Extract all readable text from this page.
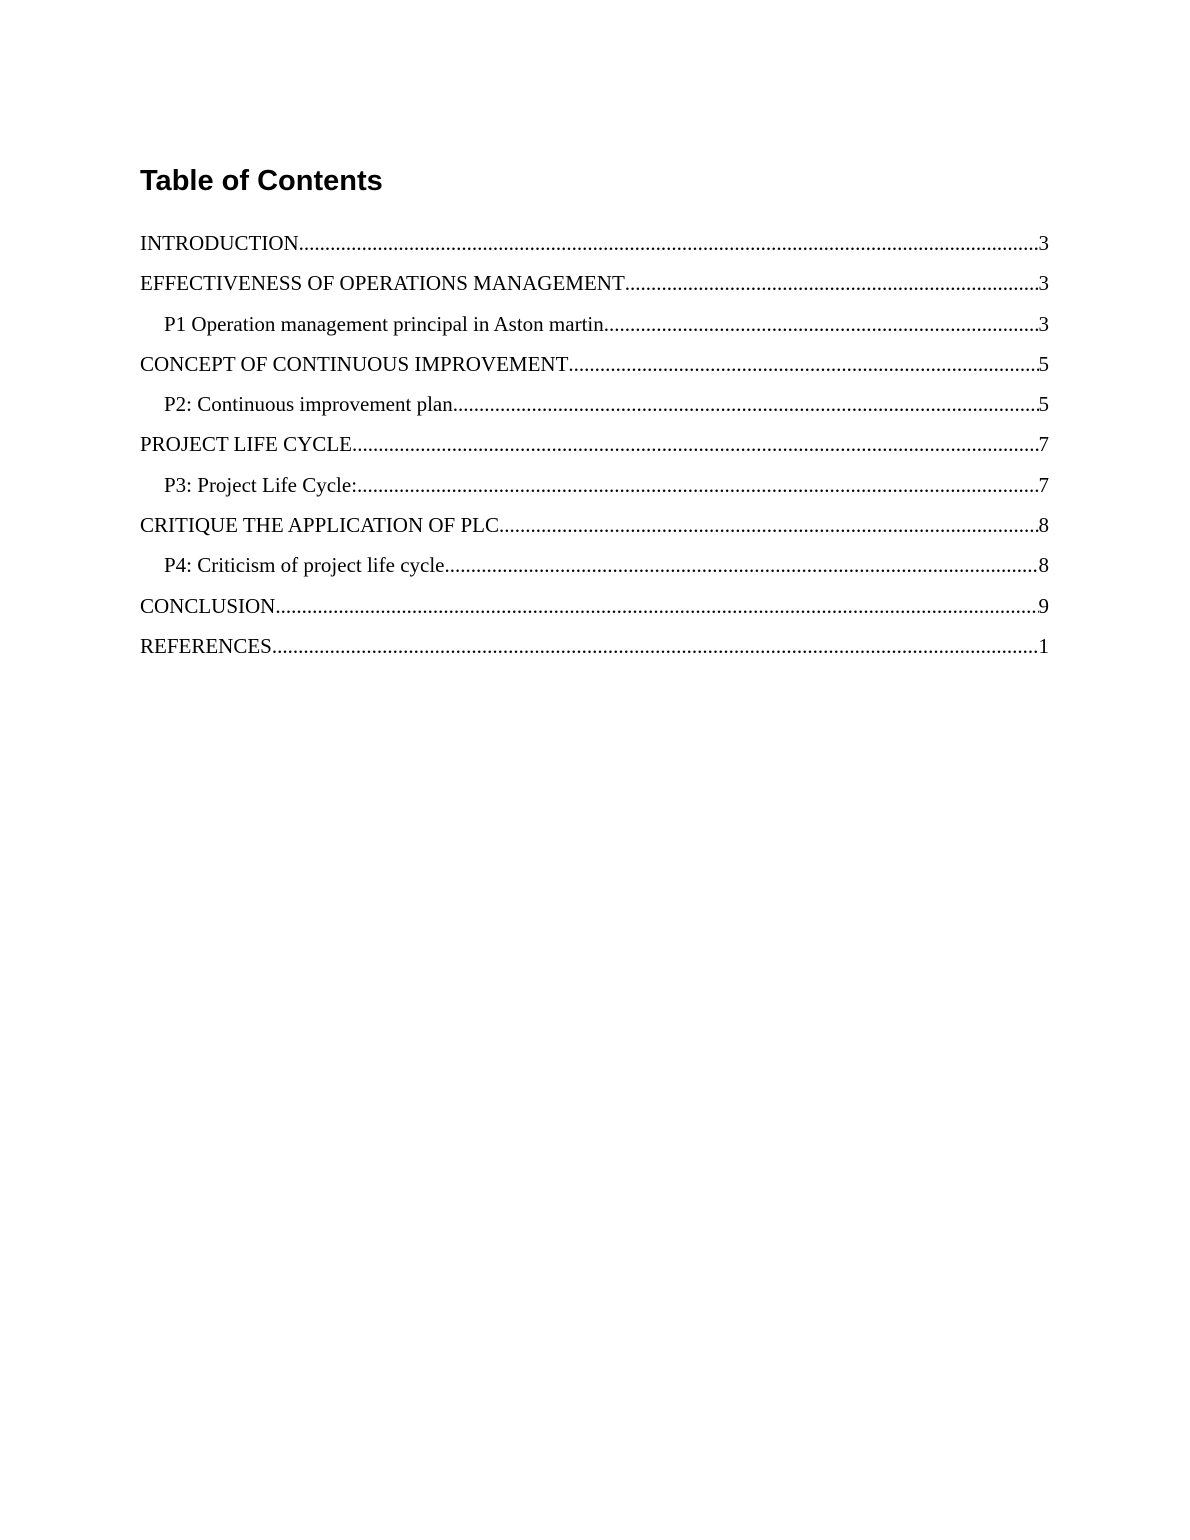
Table of Contents
INTRODUCTION .....	3
EFFECTIVENESS OF OPERATIONS MANAGEMENT .....	3
P1 Operation management principal in Aston martin .....	3
CONCEPT OF CONTINUOUS IMPROVEMENT .....	5
P2: Continuous improvement plan .....	5
PROJECT LIFE CYCLE .....	7
P3: Project Life Cycle: .....	7
CRITIQUE THE APPLICATION OF PLC .....	8
P4: Criticism of project life cycle .....	8
CONCLUSION .....	9
REFERENCES .....	1
